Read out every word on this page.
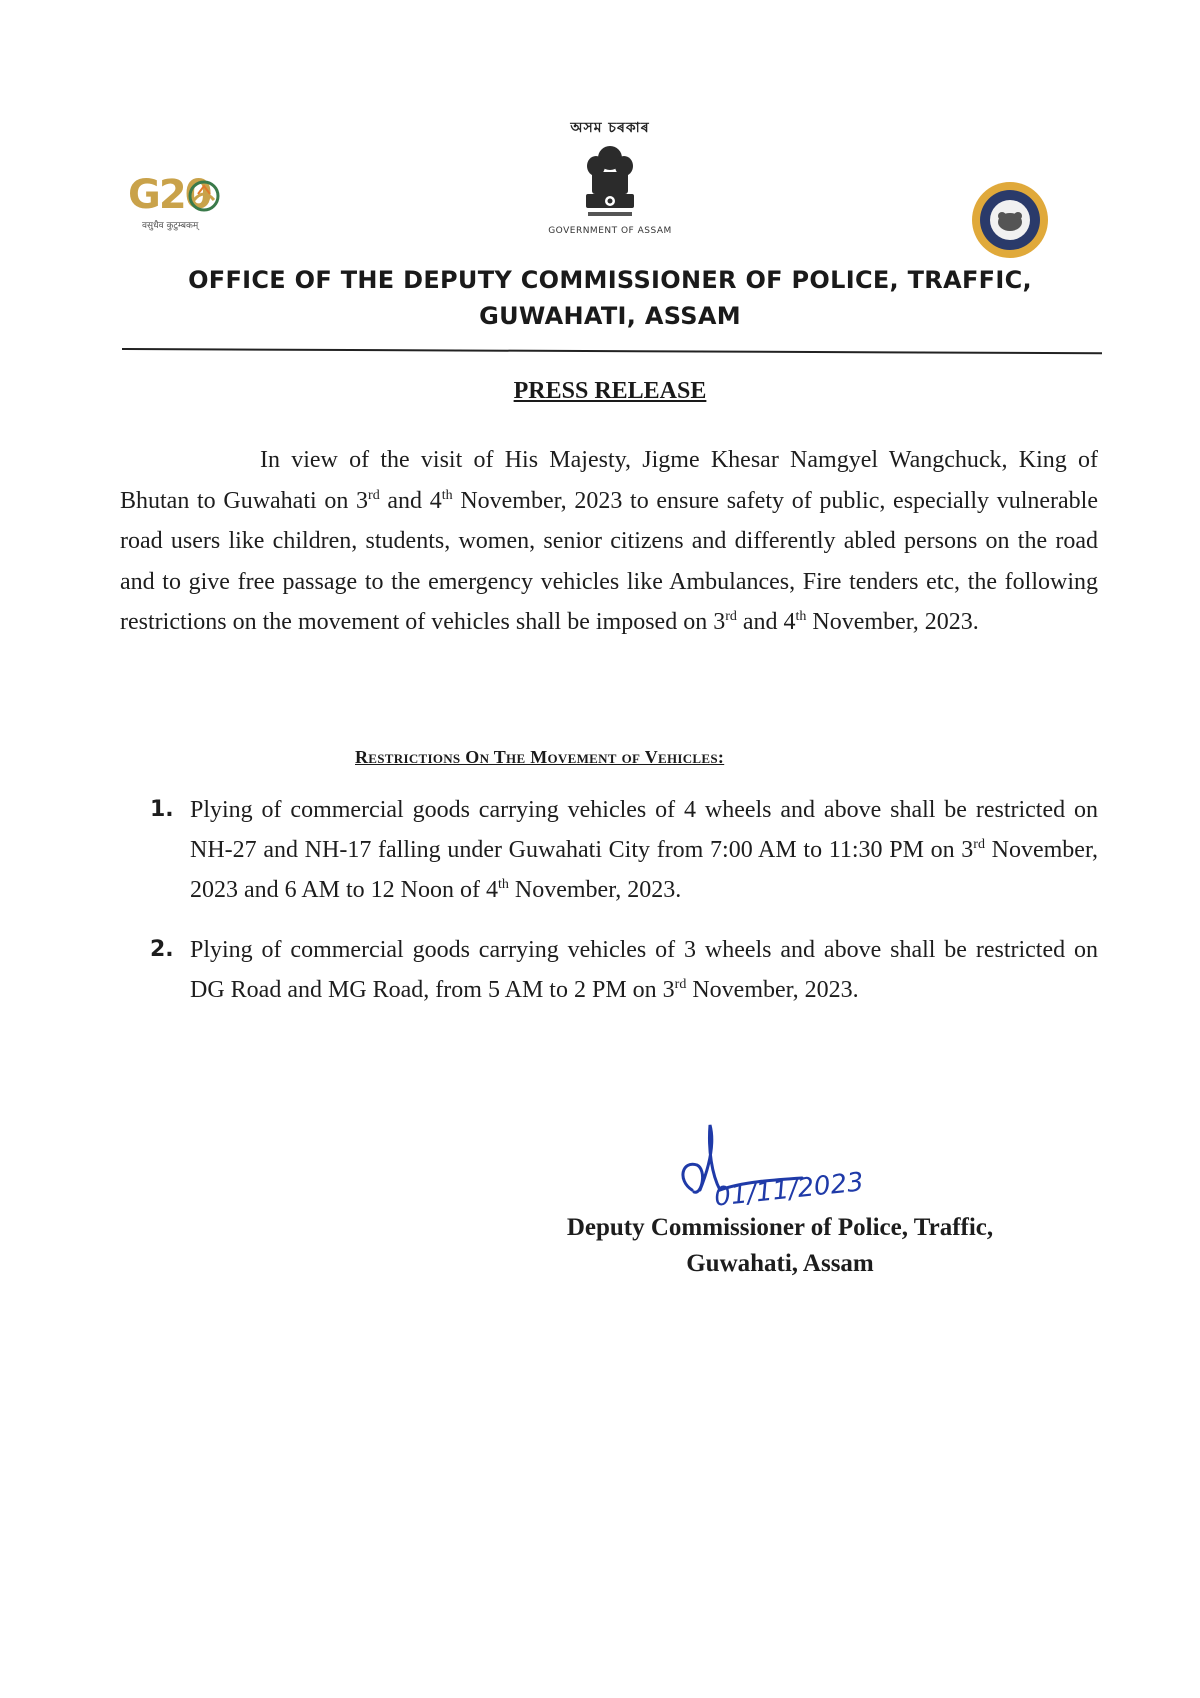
G20
वसुधैव कुटुम्बकम्
অসম চৰকাৰ
GOVERNMENT OF ASSAM
OFFICE OF THE DEPUTY COMMISSIONER OF POLICE, TRAFFIC,
GUWAHATI, ASSAM
PRESS RELEASE
In view of the visit of His Majesty, Jigme Khesar Namgyel Wangchuck, King of Bhutan to Guwahati on 3rd and 4th November, 2023 to ensure safety of public, especially vulnerable road users like children, students, women, senior citizens and differently abled persons on the road and to give free passage to the emergency vehicles like Ambulances, Fire tenders etc, the following restrictions on the movement of vehicles shall be imposed on 3rd and 4th November, 2023.
Restrictions On The Movement of Vehicles:
1. Plying of commercial goods carrying vehicles of 4 wheels and above shall be restricted on NH-27 and NH-17 falling under Guwahati City from 7:00 AM to 11:30 PM on 3rd November, 2023 and 6 AM to 12 Noon of 4th November, 2023.
2. Plying of commercial goods carrying vehicles of 3 wheels and above shall be restricted on DG Road and MG Road, from 5 AM to 2 PM on 3rd November, 2023.
01/11/2023
Deputy Commissioner of Police, Traffic,
Guwahati, Assam
